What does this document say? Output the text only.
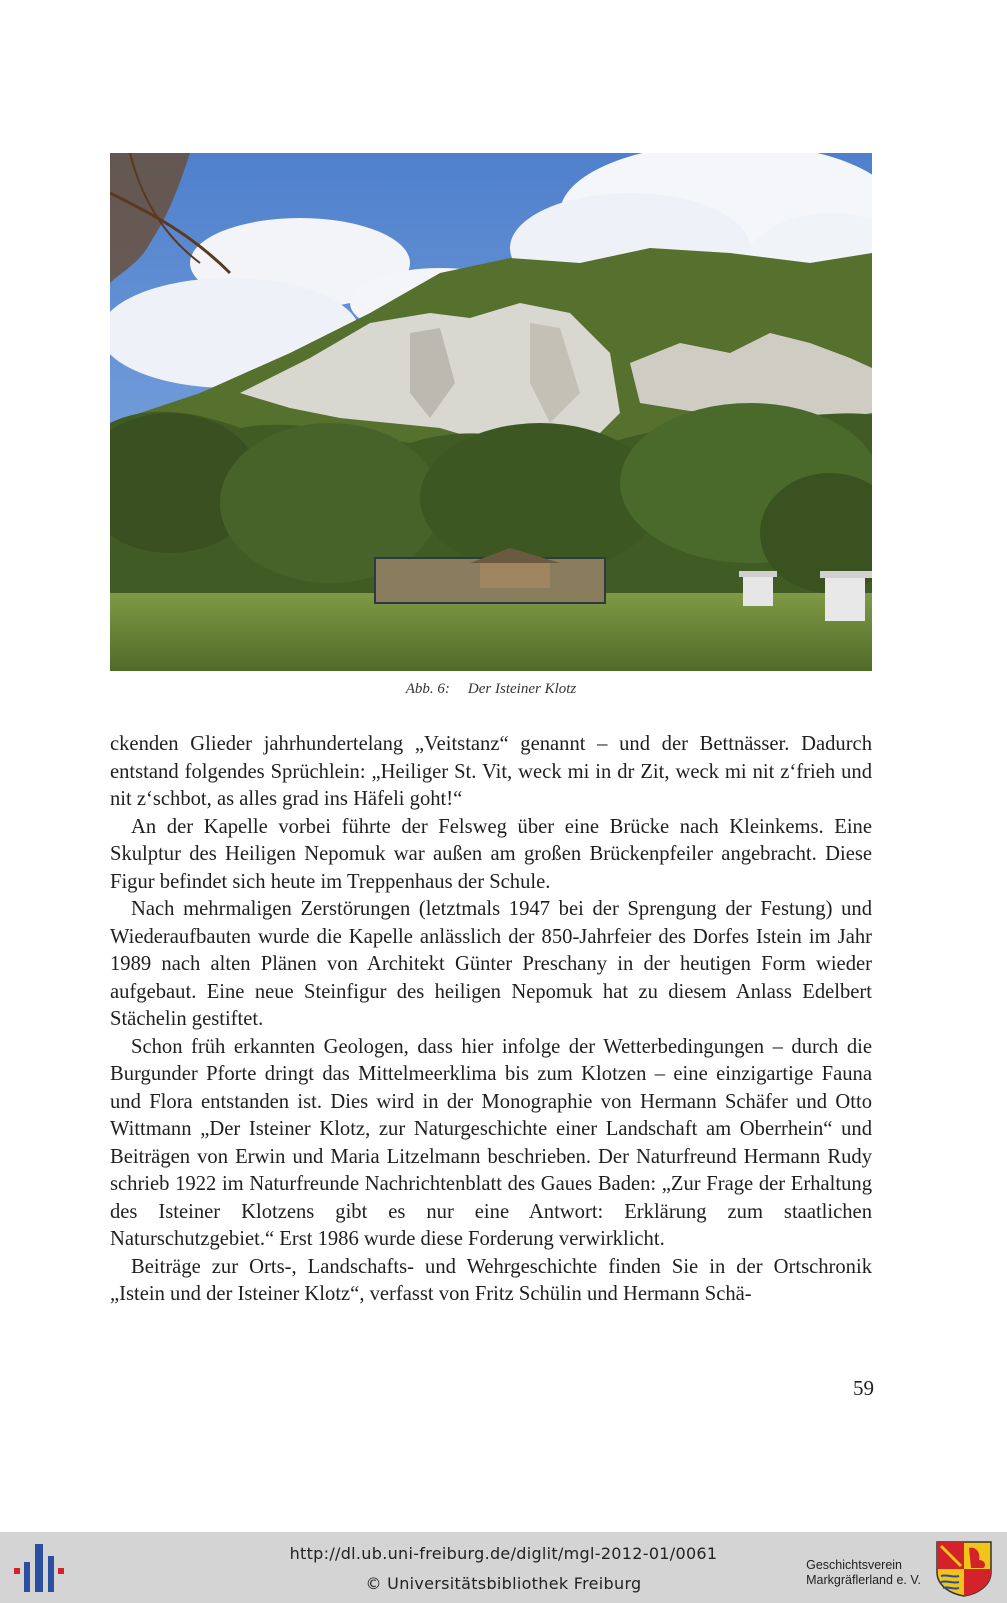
Abb. 6: Der Isteiner Klotz

ckenden Glieder jahrhundertelang „Veitstanz“ genannt – und der Bettnässer. Dadurch entstand folgendes Sprüchlein: „Heiliger St. Vit, weck mi in dr Zit, weck mi nit z‘frieh und nit z‘schbot, as alles grad ins Häfeli goht!“

An der Kapelle vorbei führte der Felsweg über eine Brücke nach Kleinkems. Eine Skulptur des Heiligen Nepomuk war außen am großen Brückenpfeiler angebracht. Diese Figur befindet sich heute im Treppenhaus der Schule.

Nach mehrmaligen Zerstörungen (letztmals 1947 bei der Sprengung der Festung) und Wiederaufbauten wurde die Kapelle anlässlich der 850-Jahrfeier des Dorfes Istein im Jahr 1989 nach alten Plänen von Architekt Günter Preschany in der heutigen Form wieder aufgebaut. Eine neue Steinfigur des heiligen Nepomuk hat zu diesem Anlass Edelbert Stächelin gestiftet.

Schon früh erkannten Geologen, dass hier infolge der Wetterbedingungen – durch die Burgunder Pforte dringt das Mittelmeerklima bis zum Klotzen – eine einzigartige Fauna und Flora entstanden ist. Dies wird in der Monographie von Hermann Schäfer und Otto Wittmann „Der Isteiner Klotz, zur Naturgeschichte einer Landschaft am Oberrhein“ und Beiträgen von Erwin und Maria Litzelmann beschrieben. Der Naturfreund Hermann Rudy schrieb 1922 im Naturfreunde Nachrichtenblatt des Gaues Baden: „Zur Frage der Erhaltung des Isteiner Klotzens gibt es nur eine Antwort: Erklärung zum staatlichen Naturschutzgebiet.“ Erst 1986 wurde diese Forderung verwirklicht.

Beiträge zur Orts-, Landschafts- und Wehrgeschichte finden Sie in der Ortschronik „Istein und der Isteiner Klotz“, verfasst von Fritz Schülin und Hermann Schä-

59
http://dl.ub.uni-freiburg.de/diglit/mgl-2012-01/0061
© Universitätsbibliothek Freiburg
Geschichtsverein
Markgräflerland e. V.
